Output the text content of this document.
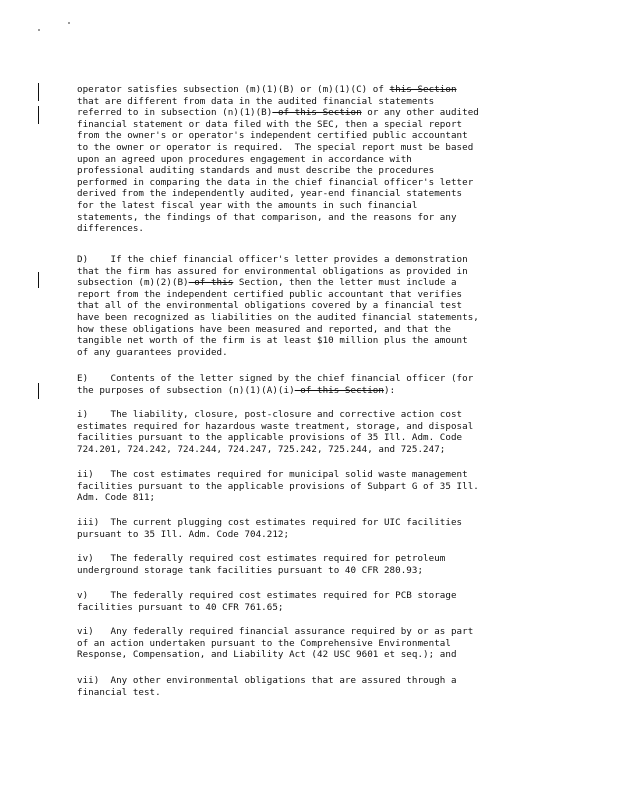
operator satisfies subsection (m)(1)(B) or (m)(1)(C) of this Section
that are different from data in the audited financial statements
referred to in subsection (n)(1)(B) of this Section or any other audited
financial statement or data filed with the SEC, then a special report
from the owner's or operator's independent certified public accountant
to the owner or operator is required.  The special report must be based
upon an agreed upon procedures engagement in accordance with
professional auditing standards and must describe the procedures
performed in comparing the data in the chief financial officer's letter
derived from the independently audited, year-end financial statements
for the latest fiscal year with the amounts in such financial
statements, the findings of that comparison, and the reasons for any
differences.
D)    If the chief financial officer's letter provides a demonstration
that the firm has assured for environmental obligations as provided in
subsection (m)(2)(B) of this Section, then the letter must include a
report from the independent certified public accountant that verifies
that all of the environmental obligations covered by a financial test
have been recognized as liabilities on the audited financial statements,
how these obligations have been measured and reported, and that the
tangible net worth of the firm is at least $10 million plus the amount
of any guarantees provided.
E)    Contents of the letter signed by the chief financial officer (for
the purposes of subsection (n)(1)(A)(i) of this Section):
i)    The liability, closure, post-closure and corrective action cost
estimates required for hazardous waste treatment, storage, and disposal
facilities pursuant to the applicable provisions of 35 Ill. Adm. Code
724.201, 724.242, 724.244, 724.247, 725.242, 725.244, and 725.247;
ii)   The cost estimates required for municipal solid waste management
facilities pursuant to the applicable provisions of Subpart G of 35 Ill.
Adm. Code 811;
iii)  The current plugging cost estimates required for UIC facilities
pursuant to 35 Ill. Adm. Code 704.212;
iv)   The federally required cost estimates required for petroleum
underground storage tank facilities pursuant to 40 CFR 280.93;
v)    The federally required cost estimates required for PCB storage
facilities pursuant to 40 CFR 761.65;
vi)   Any federally required financial assurance required by or as part
of an action undertaken pursuant to the Comprehensive Environmental
Response, Compensation, and Liability Act (42 USC 9601 et seq.); and
vii)  Any other environmental obligations that are assured through a
financial test.
